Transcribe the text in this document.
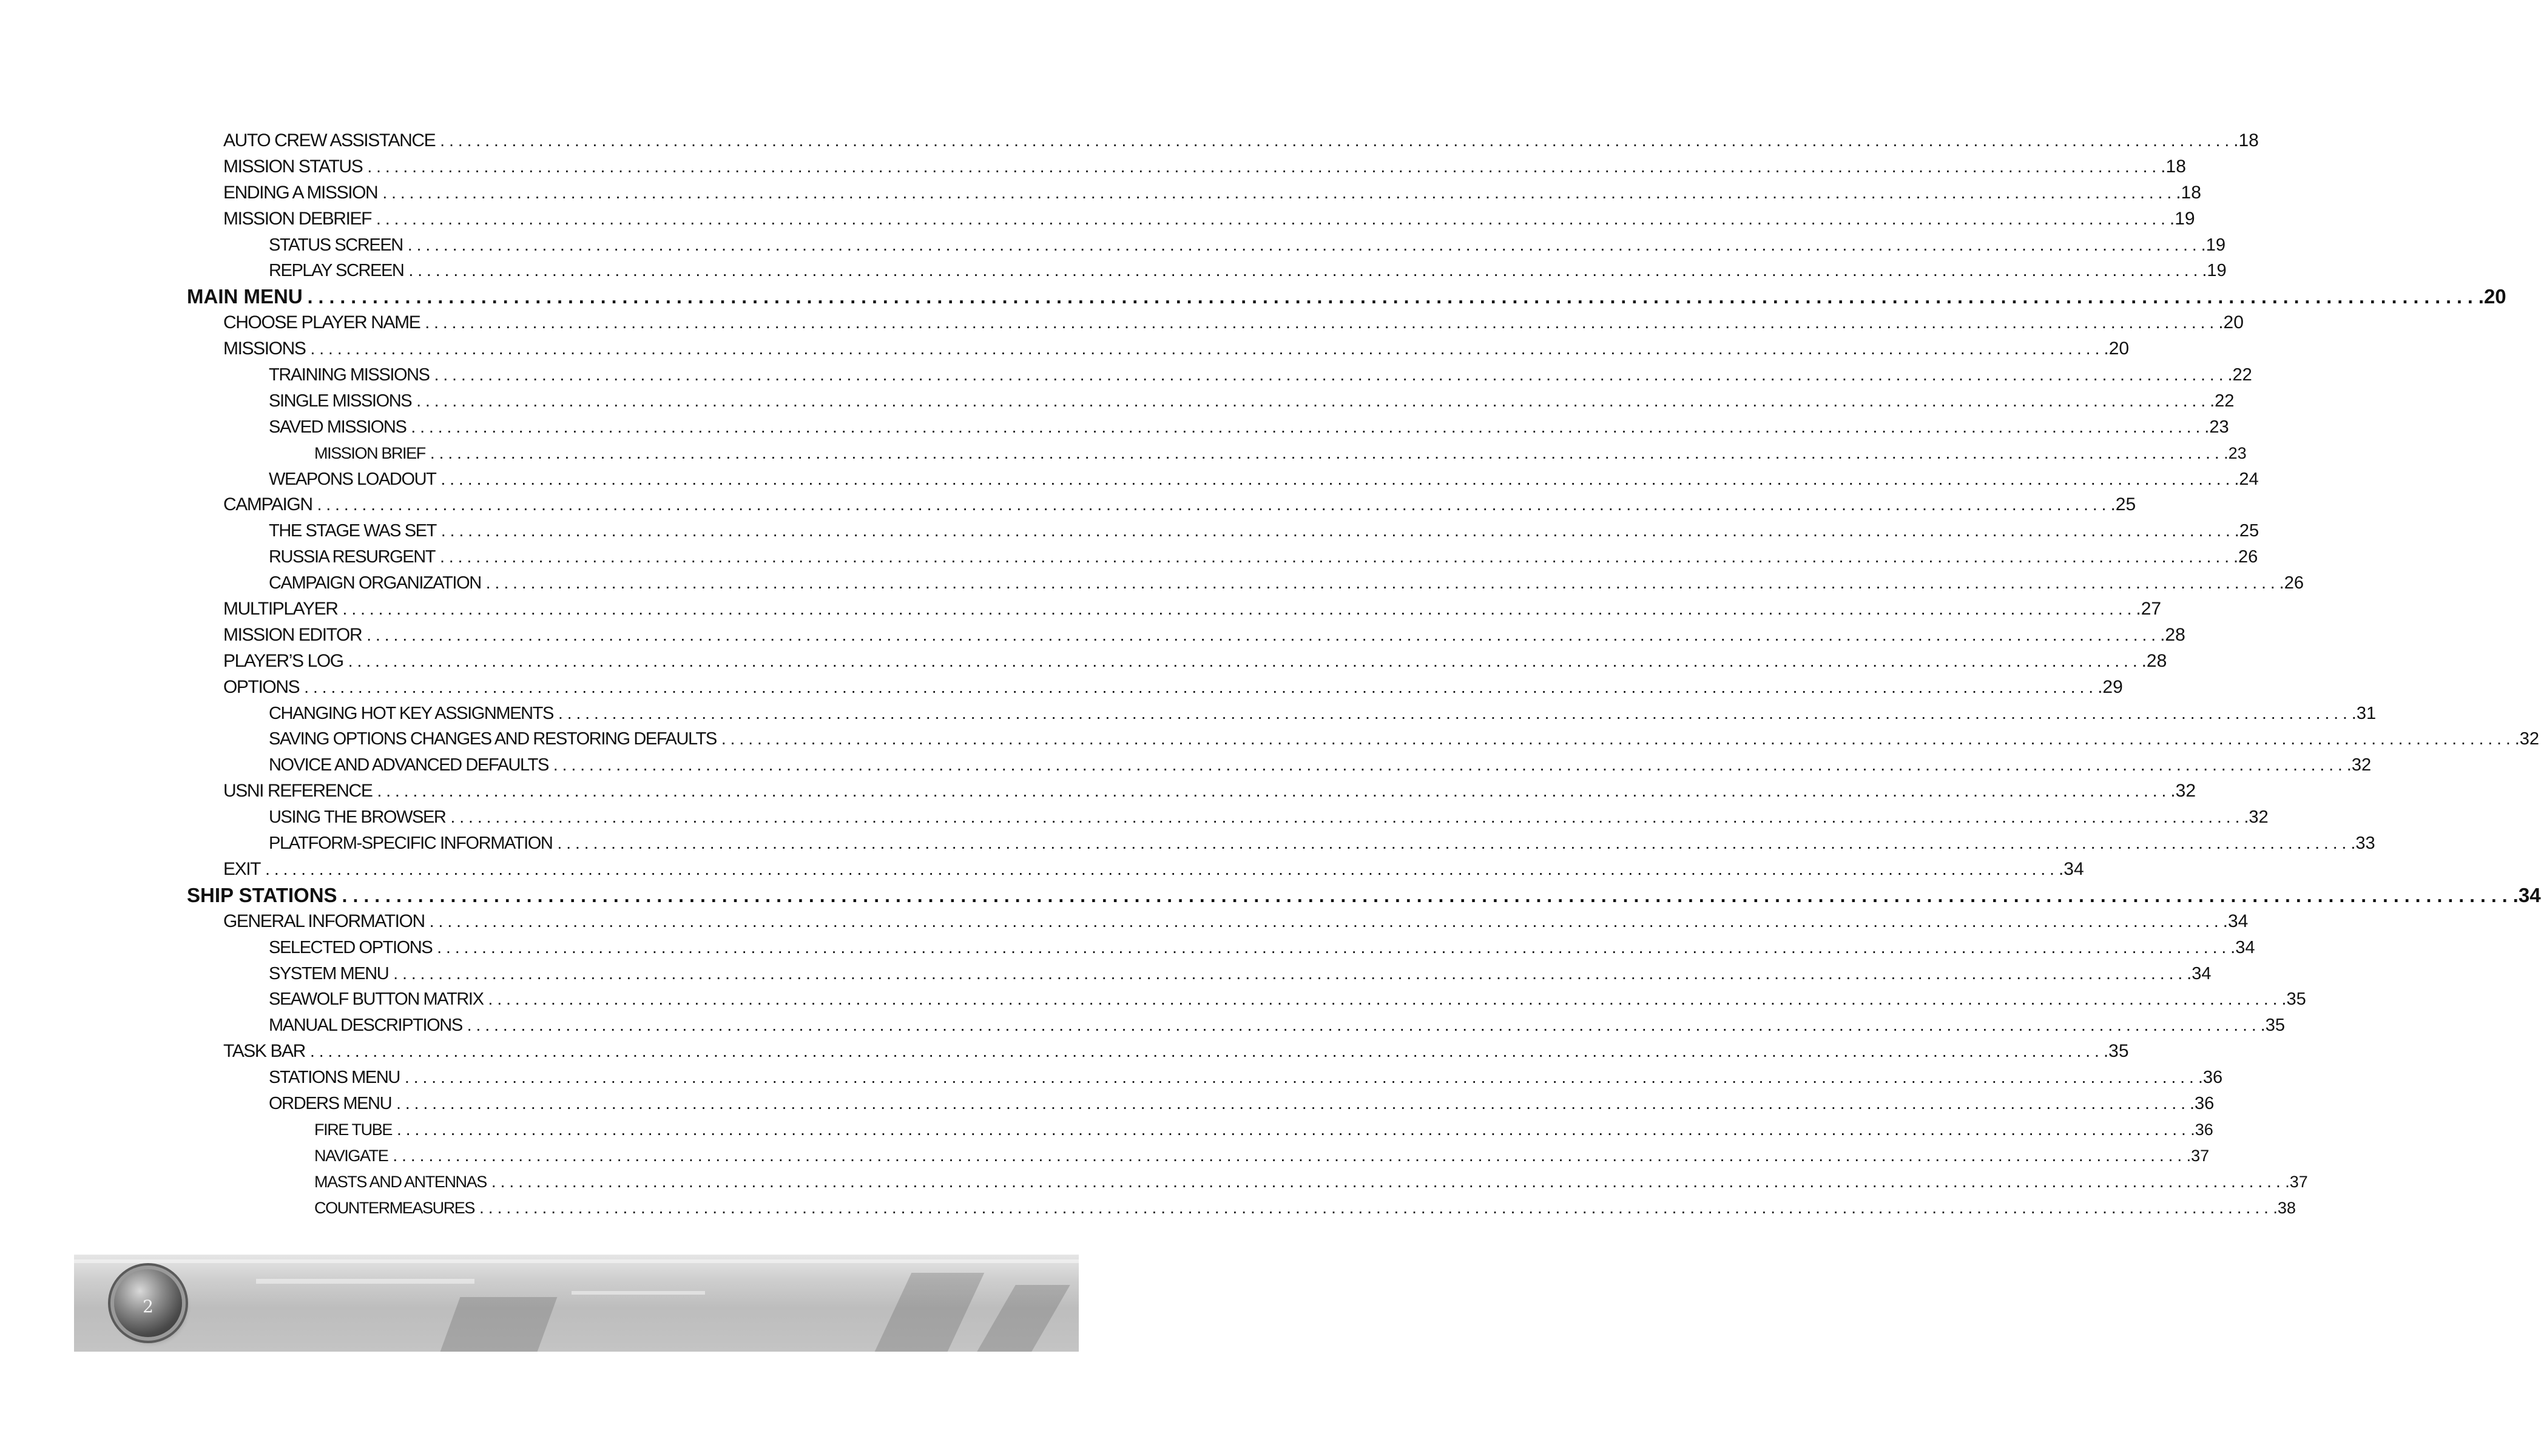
AUTO CREW ASSISTANCE ........................................................................................................................................................................................................ .18
MISSION STATUS ........................................................................................................................................................................................................ .18
ENDING A MISSION ........................................................................................................................................................................................................ .18
MISSION DEBRIEF ........................................................................................................................................................................................................ .19
STATUS SCREEN ........................................................................................................................................................................................................ .19
REPLAY SCREEN ........................................................................................................................................................................................................ .19
MAIN MENU ........................................................................................................................................................................................................ .20
CHOOSE PLAYER NAME ........................................................................................................................................................................................................ .20
MISSIONS ........................................................................................................................................................................................................ .20
TRAINING MISSIONS ........................................................................................................................................................................................................ .22
SINGLE MISSIONS ........................................................................................................................................................................................................ .22
SAVED MISSIONS ........................................................................................................................................................................................................ .23
MISSION BRIEF ........................................................................................................................................................................................................ .23
WEAPONS LOADOUT ........................................................................................................................................................................................................ .24
CAMPAIGN ........................................................................................................................................................................................................ .25
THE STAGE WAS SET ........................................................................................................................................................................................................ .25
RUSSIA RESURGENT ........................................................................................................................................................................................................ .26
CAMPAIGN ORGANIZATION ........................................................................................................................................................................................................ .26
MULTIPLAYER ........................................................................................................................................................................................................ .27
MISSION EDITOR ........................................................................................................................................................................................................ .28
PLAYER’S LOG ........................................................................................................................................................................................................ .28
OPTIONS ........................................................................................................................................................................................................ .29
CHANGING HOT KEY ASSIGNMENTS ........................................................................................................................................................................................................ .31
SAVING OPTIONS CHANGES AND RESTORING DEFAULTS ........................................................................................................................................................................................................ .32
NOVICE AND ADVANCED DEFAULTS ........................................................................................................................................................................................................ .32
USNI REFERENCE ........................................................................................................................................................................................................ .32
USING THE BROWSER ........................................................................................................................................................................................................ .32
PLATFORM-SPECIFIC INFORMATION ........................................................................................................................................................................................................ .33
EXIT ........................................................................................................................................................................................................ .34
SHIP STATIONS ........................................................................................................................................................................................................ .34
GENERAL INFORMATION ........................................................................................................................................................................................................ .34
SELECTED OPTIONS ........................................................................................................................................................................................................ .34
SYSTEM MENU ........................................................................................................................................................................................................ .34
SEAWOLF BUTTON MATRIX ........................................................................................................................................................................................................ .35
MANUAL DESCRIPTIONS ........................................................................................................................................................................................................ .35
TASK BAR ........................................................................................................................................................................................................ .35
STATIONS MENU ........................................................................................................................................................................................................ .36
ORDERS MENU ........................................................................................................................................................................................................ .36
FIRE TUBE ........................................................................................................................................................................................................ .36
NAVIGATE ........................................................................................................................................................................................................ .37
MASTS AND ANTENNAS ........................................................................................................................................................................................................ .37
COUNTERMEASURES ........................................................................................................................................................................................................ .38
2
